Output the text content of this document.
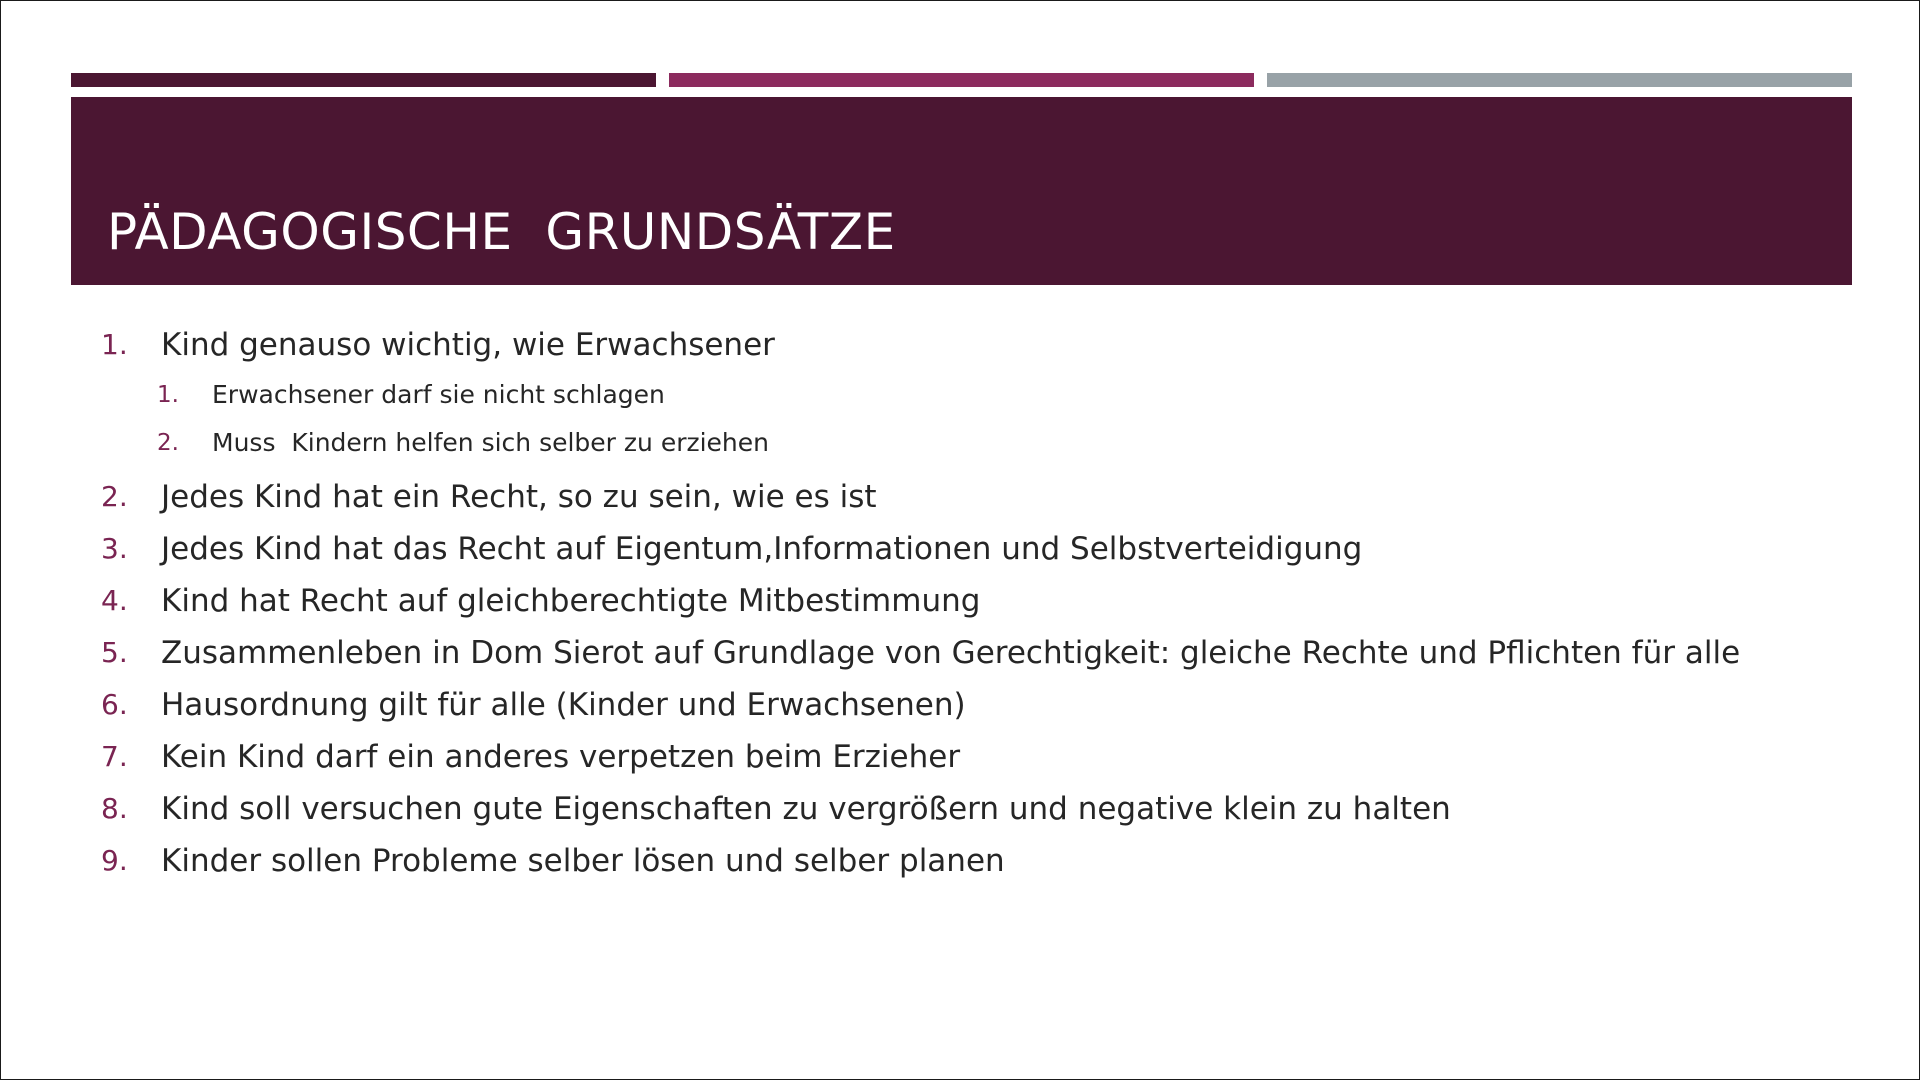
PÄDAGOGISCHE  GRUNDSÄTZE
1. Kind genauso wichtig, wie Erwachsener
1. Erwachsener darf sie nicht schlagen
2. Muss  Kindern helfen sich selber zu erziehen
2. Jedes Kind hat ein Recht, so zu sein, wie es ist
3. Jedes Kind hat das Recht auf Eigentum,Informationen und Selbstverteidigung
4. Kind hat Recht auf gleichberechtigte Mitbestimmung
5. Zusammenleben in Dom Sierot auf Grundlage von Gerechtigkeit: gleiche Rechte und Pflichten für alle
6. Hausordnung gilt für alle (Kinder und Erwachsenen)
7. Kein Kind darf ein anderes verpetzen beim Erzieher
8. Kind soll versuchen gute Eigenschaften zu vergrößern und negative klein zu halten
9. Kinder sollen Probleme selber lösen und selber planen
